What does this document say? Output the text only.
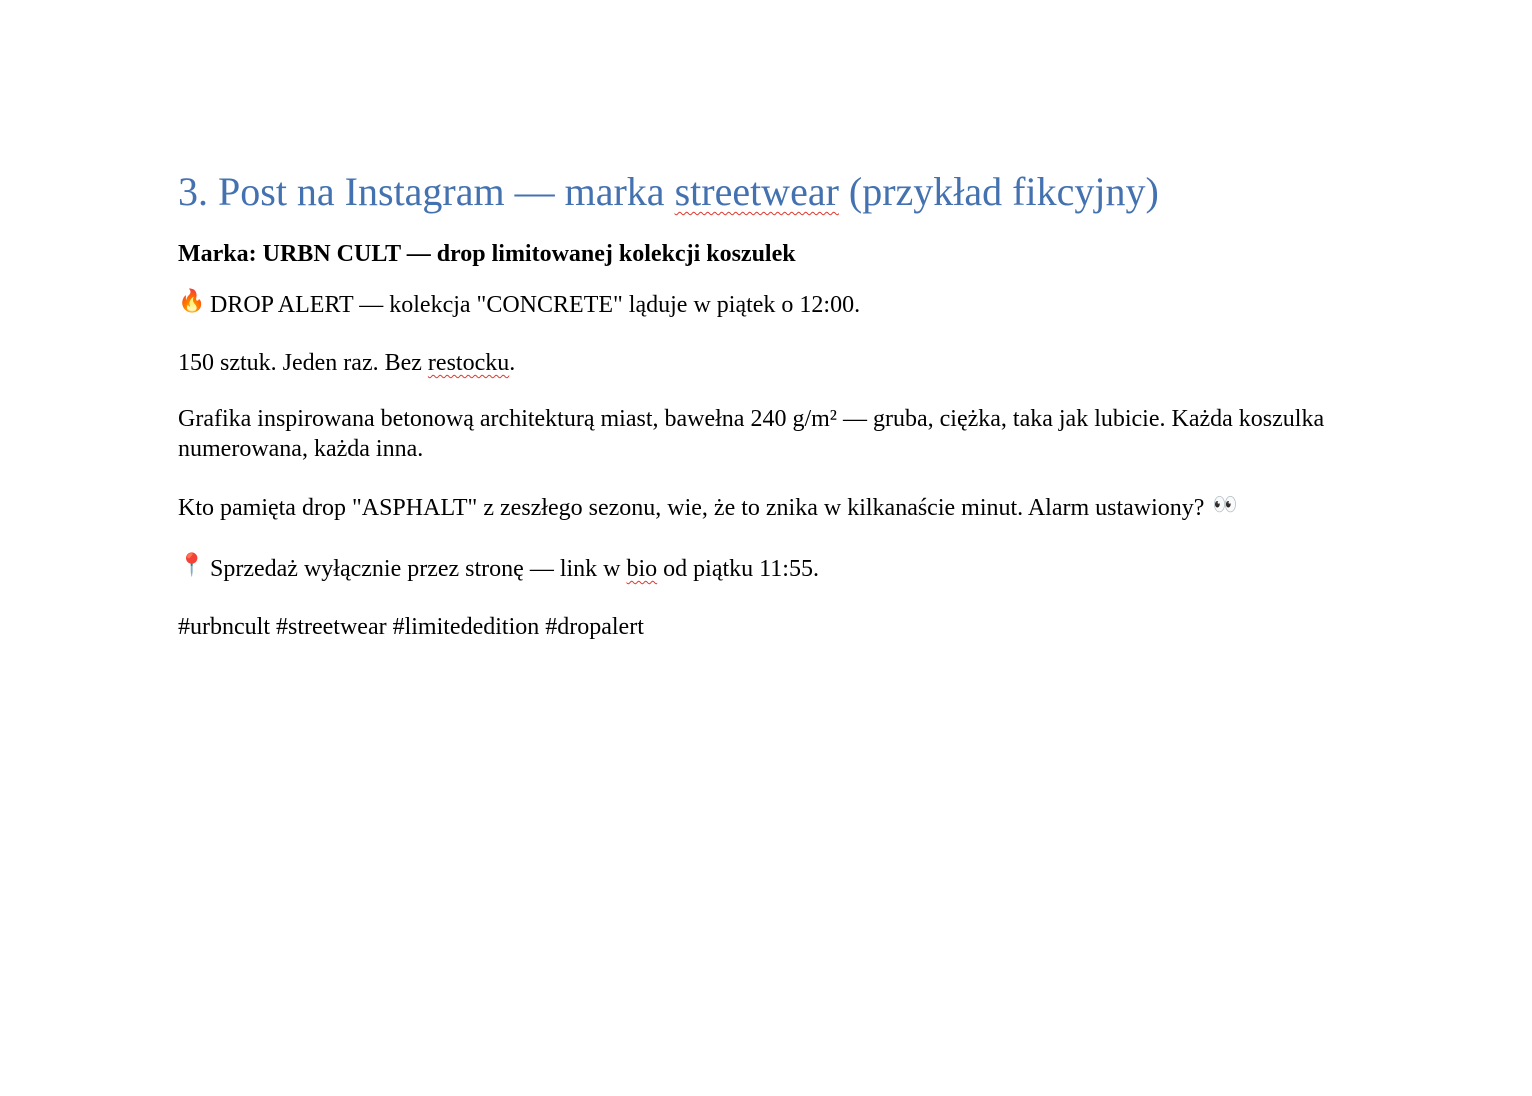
3. Post na Instagram — marka streetwear (przykład fikcyjny)

Marka: URBN CULT — drop limitowanej kolekcji koszulek

🔥 DROP ALERT — kolekcja "CONCRETE" ląduje w piątek o 12:00.

150 sztuk. Jeden raz. Bez restocku.

Grafika inspirowana betonową architekturą miast, bawełna 240 g/m² — gruba, ciężka, taka jak lubicie. Każda koszulka numerowana, każda inna.

Kto pamięta drop "ASPHALT" z zeszłego sezonu, wie, że to znika w kilkanaście minut. Alarm ustawiony? 👀

📍 Sprzedaż wyłącznie przez stronę — link w bio od piątku 11:55.

#urbncult #streetwear #limitededition #dropalert
